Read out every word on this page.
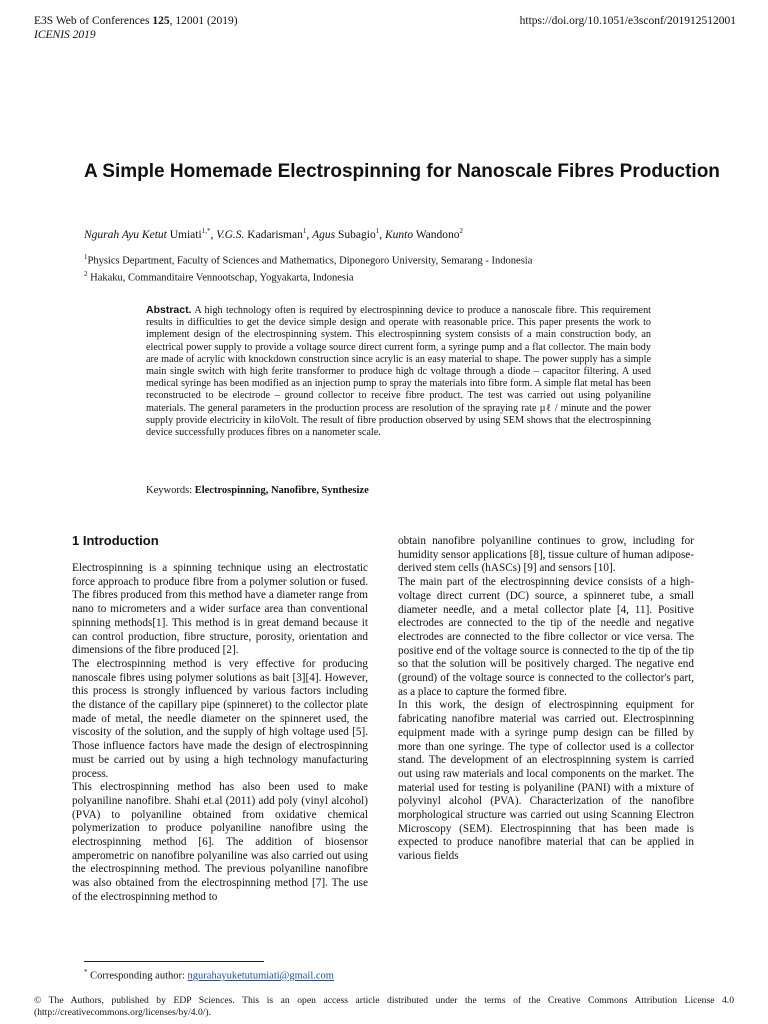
E3S Web of Conferences 125, 12001 (2019)
ICENIS 2019
https://doi.org/10.1051/e3sconf/201912512001
A Simple Homemade Electrospinning for Nanoscale Fibres Production
Ngurah Ayu Ketut Umiati$^{1,*}$, V.G.S. Kadarisman$^1$, Agus Subagio$^1$, Kunto Wandono$^2$
$^1$Physics Department, Faculty of Sciences and Mathematics, Diponegoro University, Semarang - Indonesia
$^2$ Hakaku, Commanditaire Vennootschap, Yogyakarta, Indonesia

Abstract. A high technology often is required by electrospinning device to produce a nanoscale fibre. This requirement results in difficulties to get the device simple design and operate with reasonable price. This paper presents the work to implement design of the electrospinning system. This electrospinning system consists of a main construction body, an electrical power supply to provide a voltage source direct current form, a syringe pump and a flat collector. The main body are made of acrylic with knockdown construction since acrylic is an easy material to shape. The power supply has a simple main single switch with high ferite transformer to produce high dc voltage through a diode – capacitor filtering. A used medical syringe has been modified as an injection pump to spray the materials into fibre form. A simple flat metal has been reconstructed to be electrode – ground collector to receive fibre product. The test was carried out using polyaniline materials. The general parameters in the production process are resolution of the spraying rate µℓ / minute and the power supply provide electricity in kiloVolt. The result of fibre production observed by using SEM shows that the electrospinning device successfully produces fibres on a nanometer scale.

Keywords: Electrospinning, Nanofibre, Synthesize
1 Introduction

Electrospinning is a spinning technique using an electrostatic force approach to produce fibre from a polymer solution or fused. The fibres produced from this method have a diameter range from nano to micrometers and a wider surface area than conventional spinning methods[1]. This method is in great demand because it can control production, fibre structure, porosity, orientation and dimensions of the fibre produced [2].

The electrospinning method is very effective for producing nanoscale fibres using polymer solutions as bait [3][4]. However, this process is strongly influenced by various factors including the distance of the capillary pipe (spinneret) to the collector plate made of metal, the needle diameter on the spinneret used, the viscosity of the solution, and the supply of high voltage used [5]. Those influence factors have made the design of electrospinning must be carried out by using a high technology manufacturing process.

This electrospinning method has also been used to make polyaniline nanofibre. Shahi et.al (2011) add poly (vinyl alcohol) (PVA) to polyaniline obtained from oxidative chemical polymerization to produce polyaniline nanofibre using the electrospinning method [6]. The addition of biosensor amperometric on nanofibre polyaniline was also carried out using the electrospinning method. The previous polyaniline nanofibre was also obtained from the electrospinning method [7]. The use of the electrospinning method to

obtain nanofibre polyaniline continues to grow, including for humidity sensor applications [8], tissue culture of human adipose-derived stem cells (hASCs) [9] and sensors [10].

The main part of the electrospinning device consists of a high-voltage direct current (DC) source, a spinneret tube, a small diameter needle, and a metal collector plate [4, 11]. Positive electrodes are connected to the tip of the needle and negative electrodes are connected to the fibre collector or vice versa. The positive end of the voltage source is connected to the tip of the tip so that the solution will be positively charged. The negative end (ground) of the voltage source is connected to the collector's part, as a place to capture the formed fibre.

In this work, the design of electrospinning equipment for fabricating nanofibre material was carried out. Electrospinning equipment made with a syringe pump design can be filled by more than one syringe. The type of collector used is a collector stand. The development of an electrospinning system is carried out using raw materials and local components on the market. The material used for testing is polyaniline (PANI) with a mixture of polyvinyl alcohol (PVA). Characterization of the nanofibre morphological structure was carried out using Scanning Electron Microscopy (SEM). Electrospinning that has been made is expected to produce nanofibre material that can be applied in various fields

* Corresponding author: ngurahayuketutumiati@gmail.com
© The Authors, published by EDP Sciences. This is an open access article distributed under the terms of the Creative Commons Attribution License 4.0 (http://creativecommons.org/licenses/by/4.0/).
